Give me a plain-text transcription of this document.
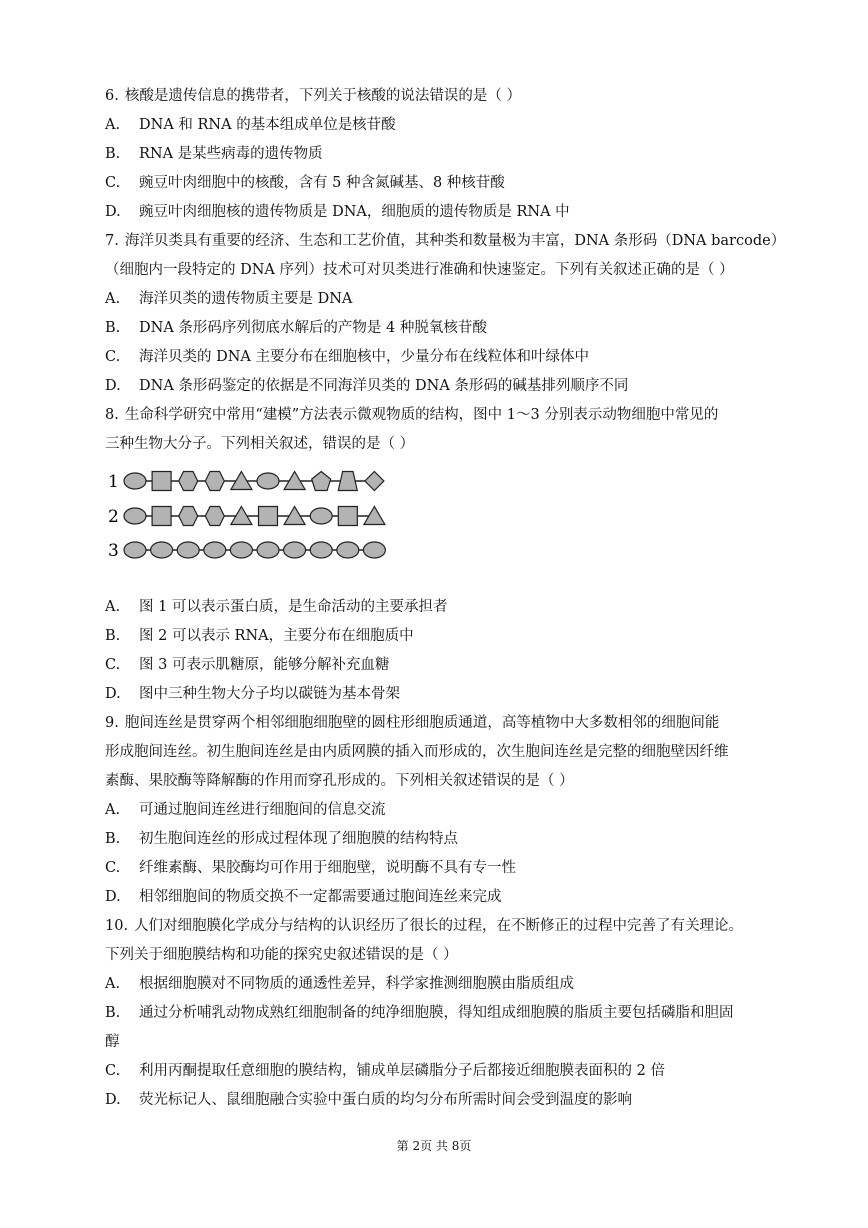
6. 核酸是遗传信息的携带者，下列关于核酸的说法错误的是（ ）
A. DNA 和 RNA 的基本组成单位是核苷酸
B. RNA 是某些病毒的遗传物质
C. 豌豆叶肉细胞中的核酸，含有 5 种含氮碱基、8 种核苷酸
D. 豌豆叶肉细胞核的遗传物质是 DNA，细胞质的遗传物质是 RNA 中
7. 海洋贝类具有重要的经济、生态和工艺价值，其种类和数量极为丰富，DNA 条形码（DNA barcode）
（细胞内一段特定的 DNA 序列）技术可对贝类进行准确和快速鉴定。下列有关叙述正确的是（ ）
A. 海洋贝类的遗传物质主要是 DNA
B. DNA 条形码序列彻底水解后的产物是 4 种脱氧核苷酸
C. 海洋贝类的 DNA 主要分布在细胞核中，少量分布在线粒体和叶绿体中
D. DNA 条形码鉴定的依据是不同海洋贝类的 DNA 条形码的碱基排列顺序不同
8. 生命科学研究中常用“建模”方法表示微观物质的结构，图中 1～3 分别表示动物细胞中常见的
三种生物大分子。下列相关叙述，错误的是（ ）
1
2
3
A. 图 1 可以表示蛋白质，是生命活动的主要承担者
B. 图 2 可以表示 RNA，主要分布在细胞质中
C. 图 3 可表示肌糖原，能够分解补充血糖
D. 图中三种生物大分子均以碳链为基本骨架
9. 胞间连丝是贯穿两个相邻细胞细胞壁的圆柱形细胞质通道，高等植物中大多数相邻的细胞间能
形成胞间连丝。初生胞间连丝是由内质网膜的插入而形成的，次生胞间连丝是完整的细胞壁因纤维
素酶、果胶酶等降解酶的作用而穿孔形成的。下列相关叙述错误的是（ ）
A. 可通过胞间连丝进行细胞间的信息交流
B. 初生胞间连丝的形成过程体现了细胞膜的结构特点
C. 纤维素酶、果胶酶均可作用于细胞壁，说明酶不具有专一性
D. 相邻细胞间的物质交换不一定都需要通过胞间连丝来完成
10. 人们对细胞膜化学成分与结构的认识经历了很长的过程，在不断修正的过程中完善了有关理论。
下列关于细胞膜结构和功能的探究史叙述错误的是（ ）
A. 根据细胞膜对不同物质的通透性差异，科学家推测细胞膜由脂质组成
B. 通过分析哺乳动物成熟红细胞制备的纯净细胞膜，得知组成细胞膜的脂质主要包括磷脂和胆固
醇
C. 利用丙酮提取任意细胞的膜结构，铺成单层磷脂分子后都接近细胞膜表面积的 2 倍
D. 荧光标记人、鼠细胞融合实验中蛋白质的均匀分布所需时间会受到温度的影响
第 2页 共 8页
